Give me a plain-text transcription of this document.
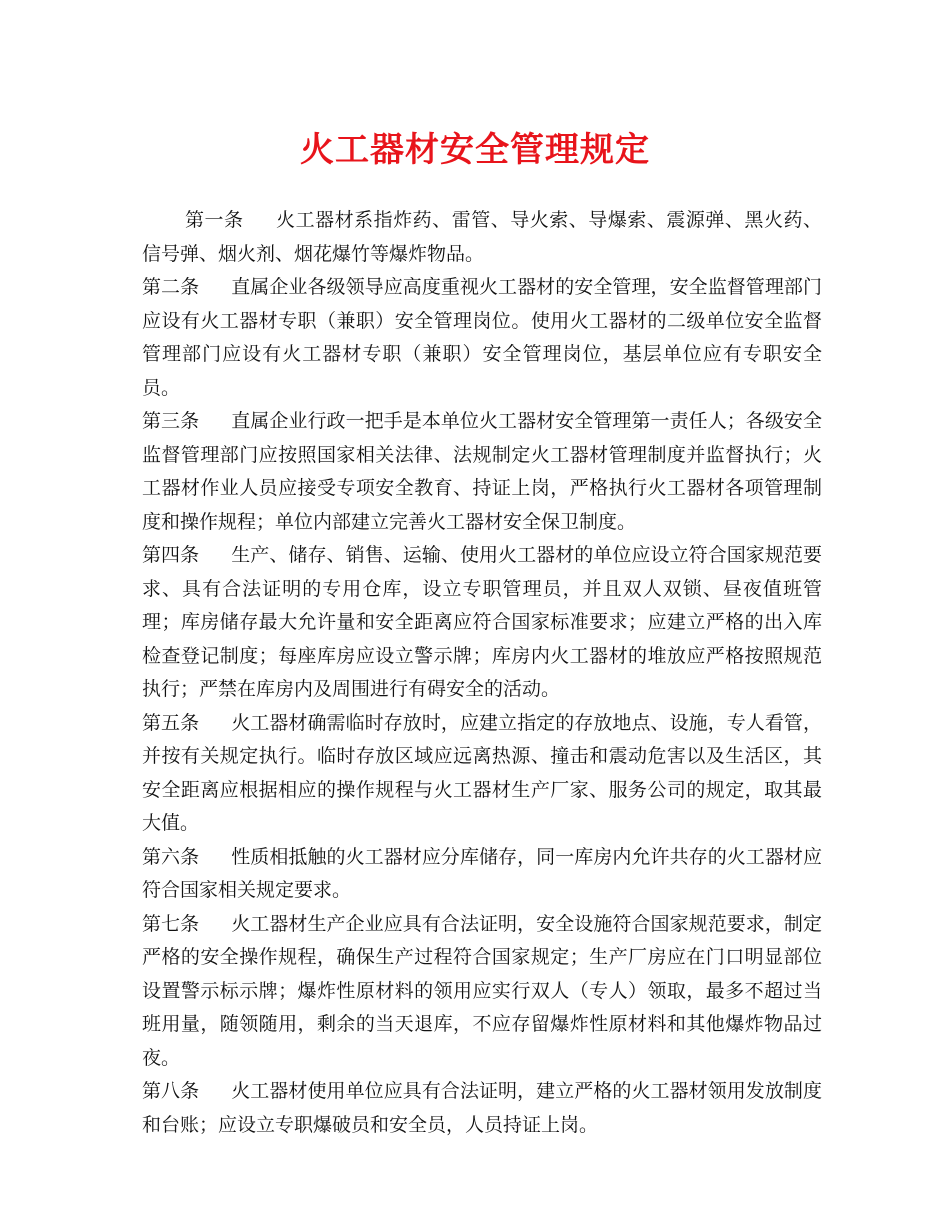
火工器材安全管理规定

第一条 火工器材系指炸药、雷管、导火索、导爆索、震源弹、黑火药、信号弹、烟火剂、烟花爆竹等爆炸物品。

第二条 直属企业各级领导应高度重视火工器材的安全管理，安全监督管理部门应设有火工器材专职（兼职）安全管理岗位。使用火工器材的二级单位安全监督管理部门应设有火工器材专职（兼职）安全管理岗位，基层单位应有专职安全员。

第三条 直属企业行政一把手是本单位火工器材安全管理第一责任人；各级安全监督管理部门应按照国家相关法律、法规制定火工器材管理制度并监督执行；火工器材作业人员应接受专项安全教育、持证上岗，严格执行火工器材各项管理制度和操作规程；单位内部建立完善火工器材安全保卫制度。

第四条 生产、储存、销售、运输、使用火工器材的单位应设立符合国家规范要求、具有合法证明的专用仓库，设立专职管理员，并且双人双锁、昼夜值班管理；库房储存最大允许量和安全距离应符合国家标准要求；应建立严格的出入库检查登记制度；每座库房应设立警示牌；库房内火工器材的堆放应严格按照规范执行；严禁在库房内及周围进行有碍安全的活动。

第五条 火工器材确需临时存放时，应建立指定的存放地点、设施，专人看管，并按有关规定执行。临时存放区域应远离热源、撞击和震动危害以及生活区，其安全距离应根据相应的操作规程与火工器材生产厂家、服务公司的规定，取其最大值。

第六条 性质相抵触的火工器材应分库储存，同一库房内允许共存的火工器材应符合国家相关规定要求。

第七条 火工器材生产企业应具有合法证明，安全设施符合国家规范要求，制定严格的安全操作规程，确保生产过程符合国家规定；生产厂房应在门口明显部位设置警示标示牌；爆炸性原材料的领用应实行双人（专人）领取，最多不超过当班用量，随领随用，剩余的当天退库，不应存留爆炸性原材料和其他爆炸物品过夜。

第八条 火工器材使用单位应具有合法证明，建立严格的火工器材领用发放制度和台账；应设立专职爆破员和安全员，人员持证上岗。
